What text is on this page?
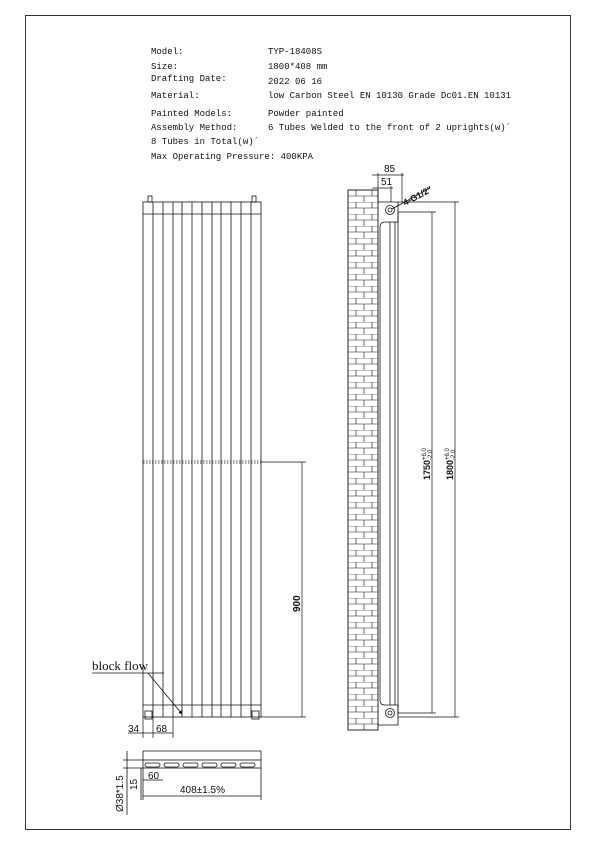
Model:	TYP-18408S
Size:	1800*408 mm
Drafting Date:	2022 06 16
Material:	low Carbon Steel EN 10130 Grade Dc01.EN 10131
Painted Models:	Powder painted
Assembly Method:	6 Tubes Welded to the front of 2 uprights(w)´
8 Tubes in Total(w)´
Max Operating Pressure: 400KPA
900
block flow
34 68
Ø38*1.5 15
60
408±1.5%
85
51
4-G1/2"
1750
+6.0 -2.0
1800
+6.0 -2.0
